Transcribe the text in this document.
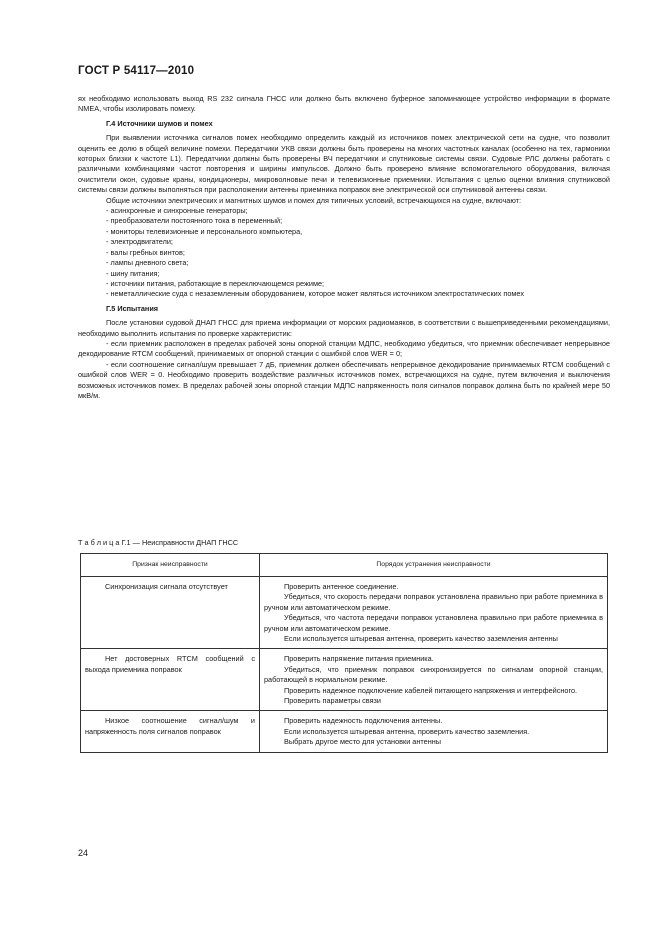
ГОСТ Р 54117—2010

ях необходимо использовать выход RS 232 сигнала ГНСС или должно быть включено буферное запоминающее устройство информации в формате NMEA, чтобы изолировать помеху.

Г.4 Источники шумов и помех

При выявлении источника сигналов помех необходимо определить каждый из источников помех электрической сети на судне, что позволит оценить ее долю в общей величине помехи. Передатчики УКВ связи должны быть проверены на многих частотных каналах (особенно на тех, гармоники которых близки к частоте L1). Передатчики должны быть проверены ВЧ передатчики и спутниковые системы связи. Судовые РЛС должны работать с различными комбинациями частот повторения и ширины импульсов. Должно быть проверено влияние вспомогательного оборудования, включая очистители окон, судовые краны, кондиционеры, микроволновые печи и телевизионные приемники. Испытания с целью оценки влияния спутниковой системы связи должны выполняться при расположении антенны приемника поправок вне электрической оси спутниковой антенны связи.

Общие источники электрических и магнитных шумов и помех для типичных условий, встречающихся на судне, включают:

- асинхронные и синхронные генераторы;

- преобразователи постоянного тока в переменный;

- мониторы телевизионные и персонального компьютера,

- электродвигатели;

- валы гребных винтов;

- лампы дневного света;

- шину питания;

- источники питания, работающие в переключающемся режиме;

- неметаллические суда с незаземленным оборудованием, которое может являться источником электростатических помех

Г.5 Испытания

После установки судовой ДНАП ГНСС для приема информации от морских радиомаяков, в соответствии с вышеприведенными рекомендациями, необходимо выполнить испытания по проверке характеристик:

- если приемник расположен в пределах рабочей зоны опорной станции МДПС, необходимо убедиться, что приемник обеспечивает непрерывное декодирование RTCM сообщений, принимаемых от опорной станции с ошибкой слов WER = 0;

- если соотношение сигнал/шум превышает 7 дБ, приемник должен обеспечивать непрерывное декодирование принимаемых RTCM сообщений с ошибкой слов WER = 0. Необходимо проверить воздействие различных источников помех, встречающихся на судне, путем включения и выключения возможных источников помех. В пределах рабочей зоны опорной станции МДПС напряженность поля сигналов поправок должна быть по крайней мере 50 мкВ/м.

Т а б л и ц а Г.1 — Неисправности ДНАП ГНСС
Признак неисправности	Порядок устранения неисправности

Синхронизация сигнала отсутствует	Проверить антенное соединение.

Убедиться, что скорость передачи поправок установлена правильно при работе приемника в ручном или автоматическом режиме.

Убедиться, что частота передачи поправок установлена правильно при работе приемника в ручном или автоматическом режиме.

Если используется штыревая антенна, проверить качество заземления антенны

Нет достоверных RTCM сообщений с выхода приемника поправок	Проверить напряжение питания приемника.

Убедиться, что приемник поправок синхронизируется по сигналам опорной станции, работающей в нормальном режиме.

Проверить надежное подключение кабелей питающего напряжения и интерфейсного.

Проверить параметры связи

Низкое соотношение сигнал/шум и напряженность поля сигналов поправок	Проверить надежность подключения антенны.

Если используется штыревая антенна, проверить качество заземления.

Выбрать другое место для установки антенны

24
